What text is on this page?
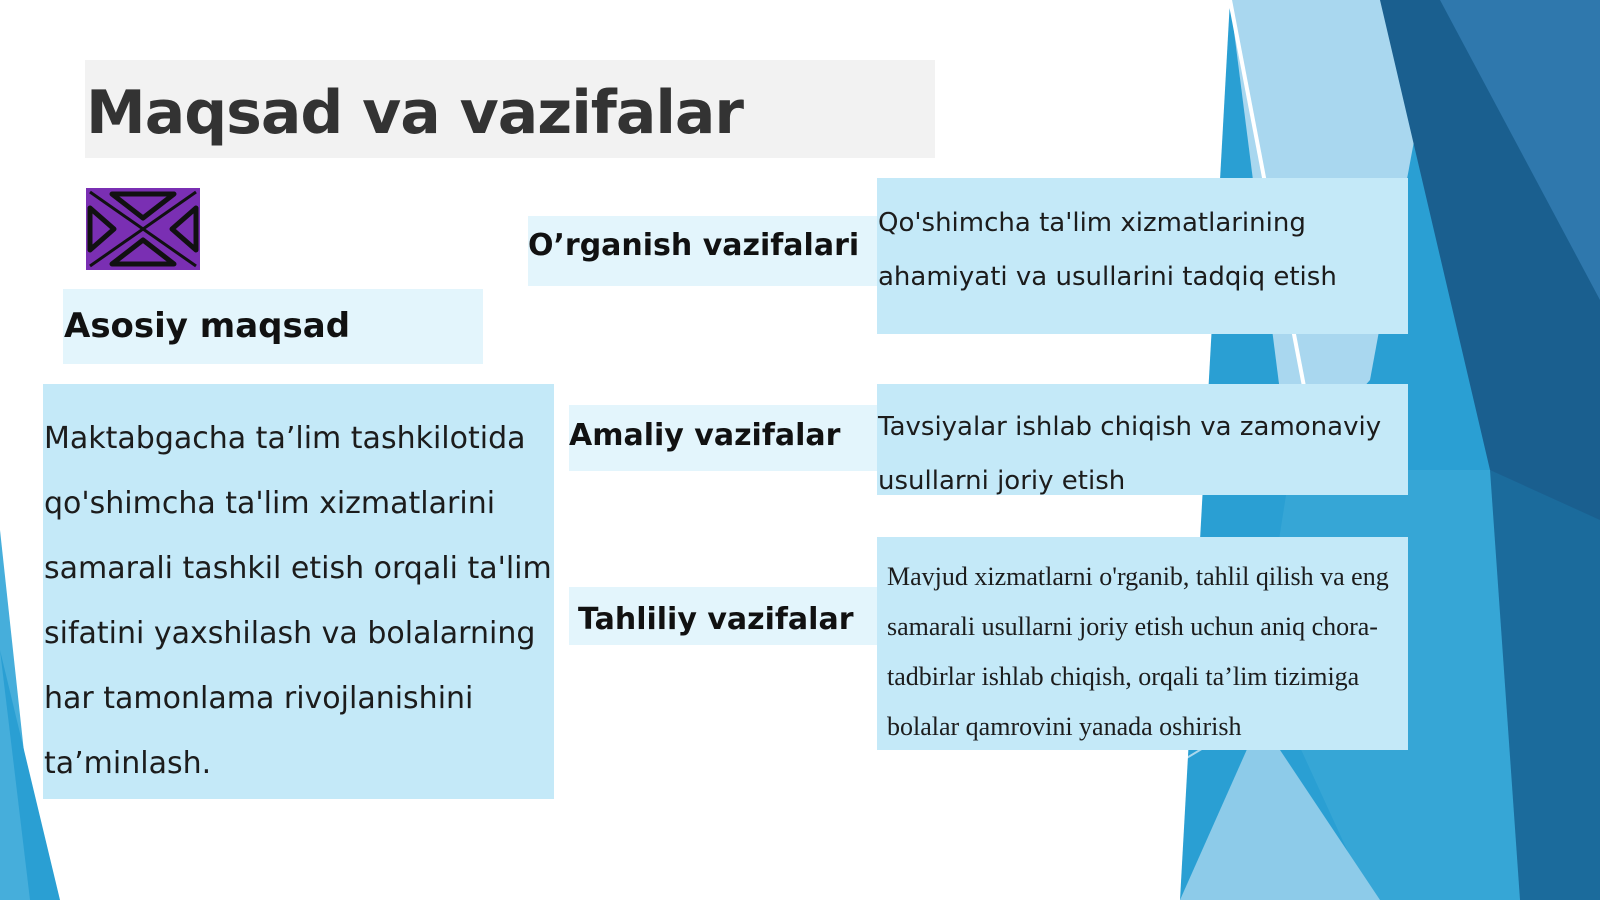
Maqsad va vazifalar
Asosiy maqsad
Maktabgacha ta’lim tashkilotida qo'shimcha ta'lim xizmatlarini samarali tashkil etish orqali ta'lim sifatini yaxshilash va bolalarning har tamonlama rivojlanishini ta’minlash.
O’rganish vazifalari
Qo'shimcha ta'lim xizmatlarining ahamiyati va usullarini tadqiq etish
Amaliy vazifalar Tavsiyalar ishlab chiqish va zamonaviy usullarni joriy etish
Tahliliy vazifalar
Mavjud xizmatlarni o'rganib, tahlil qilish va eng samarali usullarni joriy etish uchun aniq chora-tadbirlar ishlab chiqish, orqali ta’lim tizimiga bolalar qamrovini yanada oshirish
